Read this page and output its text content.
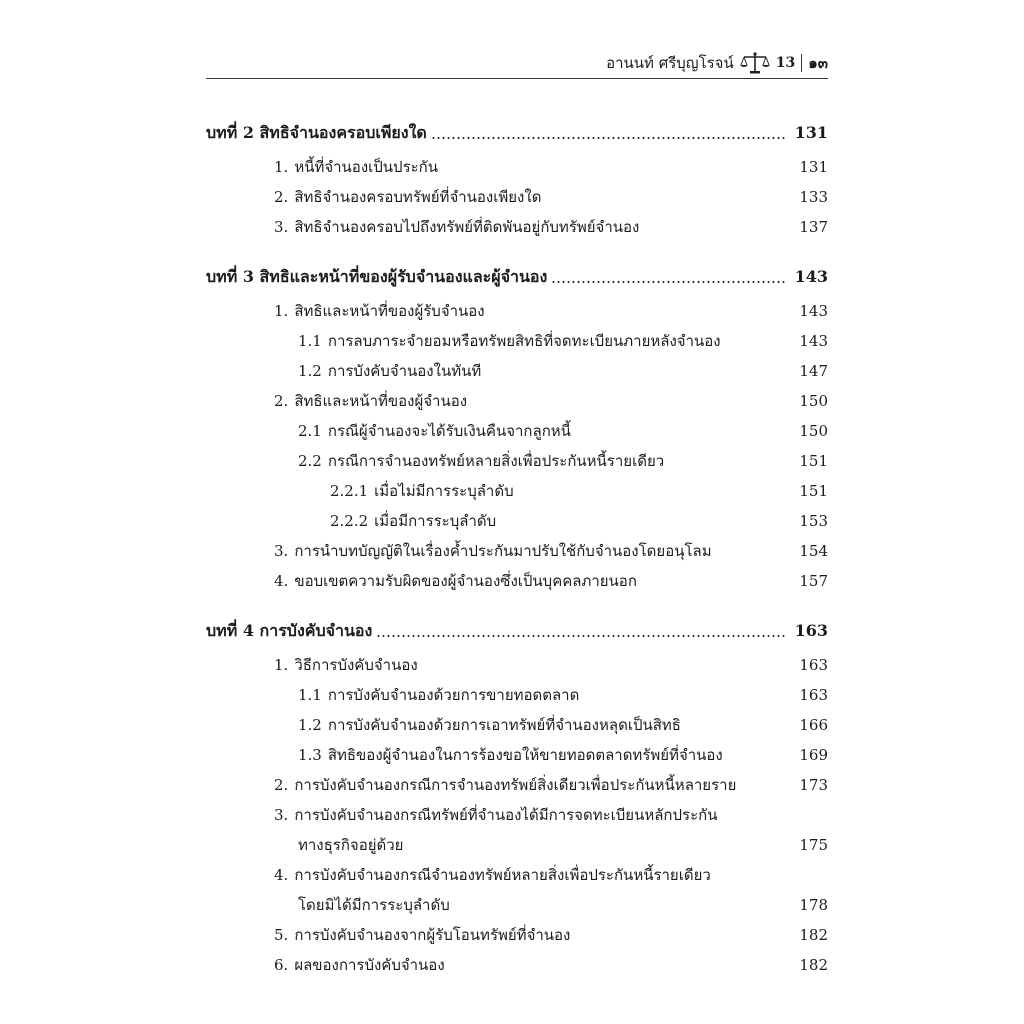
อานนท์ ศรีบุญโรจน์	13 ๑๓
บทที่ 2 สิทธิจำนองครอบเพียงใด	131
1. หนี้ที่จำนองเป็นประกัน	131
2. สิทธิจำนองครอบทรัพย์ที่จำนองเพียงใด	133
3. สิทธิจำนองครอบไปถึงทรัพย์ที่ติดพันอยู่กับทรัพย์จำนอง	137
บทที่ 3 สิทธิและหน้าที่ของผู้รับจำนองและผู้จำนอง	143
1. สิทธิและหน้าที่ของผู้รับจำนอง	143
1.1 การลบภาระจำยอมหรือทรัพยสิทธิที่จดทะเบียนภายหลังจำนอง	143
1.2 การบังคับจำนองในทันที	147
2. สิทธิและหน้าที่ของผู้จำนอง	150
2.1 กรณีผู้จำนองจะได้รับเงินคืนจากลูกหนี้	150
2.2 กรณีการจำนองทรัพย์หลายสิ่งเพื่อประกันหนี้รายเดียว	151
2.2.1 เมื่อไม่มีการระบุลำดับ	151
2.2.2 เมื่อมีการระบุลำดับ	153
3. การนำบทบัญญัติในเรื่องค้ำประกันมาปรับใช้กับจำนองโดยอนุโลม	154
4. ขอบเขตความรับผิดของผู้จำนองซึ่งเป็นบุคคลภายนอก	157
บทที่ 4 การบังคับจำนอง	163
1. วิธีการบังคับจำนอง	163
1.1 การบังคับจำนองด้วยการขายทอดตลาด	163
1.2 การบังคับจำนองด้วยการเอาทรัพย์ที่จำนองหลุดเป็นสิทธิ	166
1.3 สิทธิของผู้จำนองในการร้องขอให้ขายทอดตลาดทรัพย์ที่จำนอง	169
2. การบังคับจำนองกรณีการจำนองทรัพย์สิ่งเดียวเพื่อประกันหนี้หลายราย	173
3. การบังคับจำนองกรณีทรัพย์ที่จำนองได้มีการจดทะเบียนหลักประกัน
ทางธุรกิจอยู่ด้วย	175
4. การบังคับจำนองกรณีจำนองทรัพย์หลายสิ่งเพื่อประกันหนี้รายเดียว
โดยมิได้มีการระบุลำดับ	178
5. การบังคับจำนองจากผู้รับโอนทรัพย์ที่จำนอง	182
6. ผลของการบังคับจำนอง	182
